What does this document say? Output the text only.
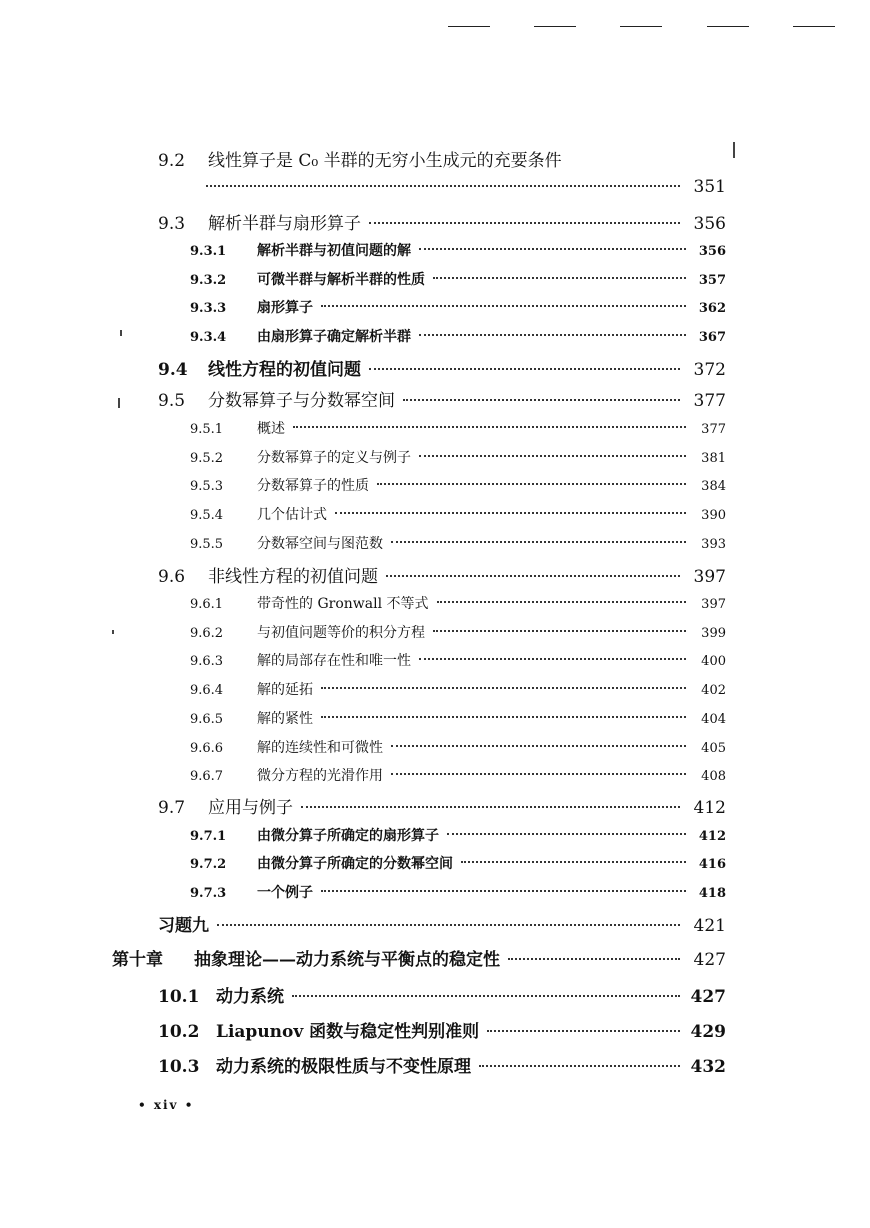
9.2	线性算子是 C₀ 半群的无穷小生成元的充要条件
351
9.3	解析半群与扇形算子	356
9.3.1	解析半群与初值问题的解	356
9.3.2	可微半群与解析半群的性质	357
9.3.3	扇形算子	362
9.3.4	由扇形算子确定解析半群	367
9.4	线性方程的初值问题	372
9.5	分数幂算子与分数幂空间	377
9.5.1	概述	377
9.5.2	分数幂算子的定义与例子	381
9.5.3	分数幂算子的性质	384
9.5.4	几个估计式	390
9.5.5	分数幂空间与图范数	393
9.6	非线性方程的初值问题	397
9.6.1	带奇性的 Gronwall 不等式	397
9.6.2	与初值问题等价的积分方程	399
9.6.3	解的局部存在性和唯一性	400
9.6.4	解的延拓	402
9.6.5	解的紧性	404
9.6.6	解的连续性和可微性	405
9.6.7	微分方程的光滑作用	408
9.7	应用与例子	412
9.7.1	由微分算子所确定的扇形算子	412
9.7.2	由微分算子所确定的分数幂空间	416
9.7.3	一个例子	418
习题九	421
第十章	抽象理论——动力系统与平衡点的稳定性	427
10.1 动力系统	427
10.2 Liapunov 函数与稳定性判别准则	429
10.3 动力系统的极限性质与不变性原理	432
• xiv •
